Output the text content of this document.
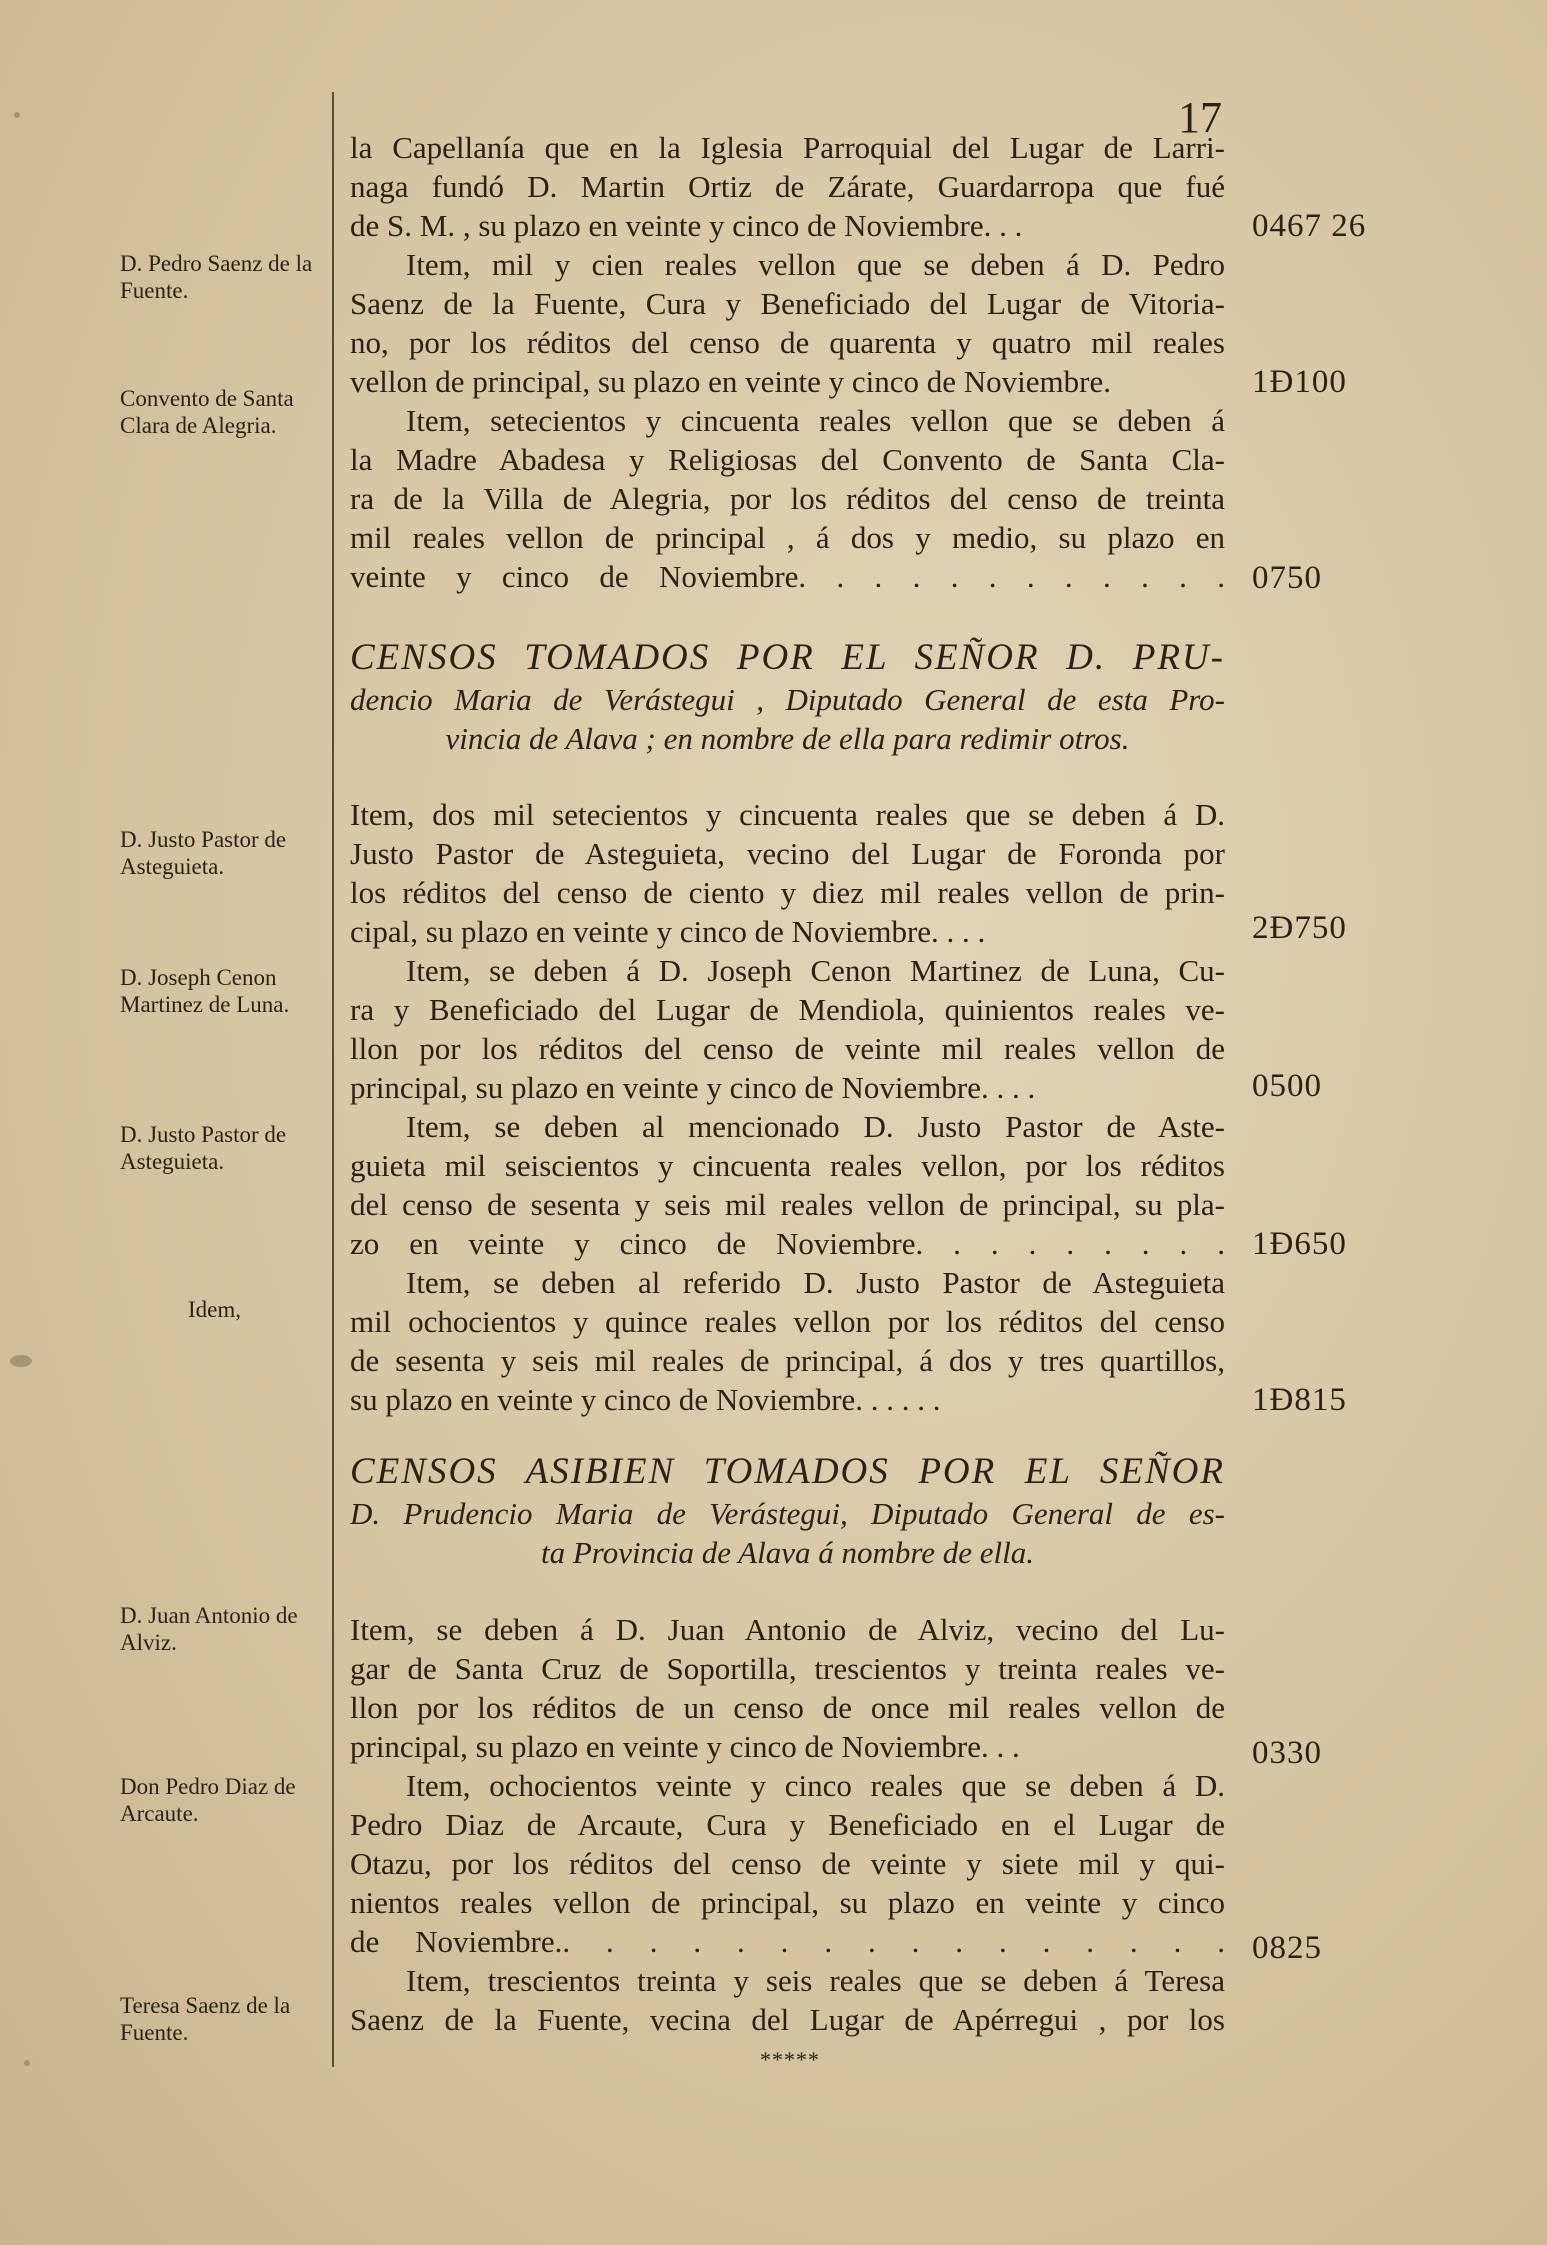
17
la Capellanía que en la Iglesia Parroquial del Lugar de Larri-
naga fundó D. Martin Ortiz de Zárate, Guardarropa que fué
de S. M. , su plazo en veinte y cinco de Noviembre. . .
Item, mil y cien reales vellon que se deben á D. Pedro
Saenz de la Fuente, Cura y Beneficiado del Lugar de Vitoria-
no, por los réditos del censo de quarenta y quatro mil reales
vellon de principal, su plazo en veinte y cinco de Noviembre.
Item, setecientos y cincuenta reales vellon que se deben á
la Madre Abadesa y Religiosas del Convento de Santa Cla-
ra de la Villa de Alegria, por los réditos del censo de treinta
mil reales vellon de principal , á dos y medio, su plazo en
veinte y cinco de Noviembre. . . . . . . . . . . .
CENSOS TOMADOS POR EL SEÑOR D. PRU-
dencio Maria de Verástegui , Diputado General de esta Pro-
vincia de Alava ; en nombre de ella para redimir otros.
Item, dos mil setecientos y cincuenta reales que se deben á D.
Justo Pastor de Asteguieta, vecino del Lugar de Foronda por
los réditos del censo de ciento y diez mil reales vellon de prin-
cipal, su plazo en veinte y cinco de Noviembre. . . .
Item, se deben á D. Joseph Cenon Martinez de Luna, Cu-
ra y Beneficiado del Lugar de Mendiola, quinientos reales ve-
llon por los réditos del censo de veinte mil reales vellon de
principal, su plazo en veinte y cinco de Noviembre. . . .
Item, se deben al mencionado D. Justo Pastor de Aste-
guieta mil seiscientos y cincuenta reales vellon, por los réditos
del censo de sesenta y seis mil reales vellon de principal, su pla-
zo en veinte y cinco de Noviembre. . . . . . . . .
Item, se deben al referido D. Justo Pastor de Asteguieta
mil ochocientos y quince reales vellon por los réditos del censo
de sesenta y seis mil reales de principal, á dos y tres quartillos,
su plazo en veinte y cinco de Noviembre. . . . . .
CENSOS ASIBIEN TOMADOS POR EL SEÑOR
D. Prudencio Maria de Verástegui, Diputado General de es-
ta Provincia de Alava á nombre de ella.
Item, se deben á D. Juan Antonio de Alviz, vecino del Lu-
gar de Santa Cruz de Soportilla, trescientos y treinta reales ve-
llon por los réditos de un censo de once mil reales vellon de
principal, su plazo en veinte y cinco de Noviembre. . .
Item, ochocientos veinte y cinco reales que se deben á D.
Pedro Diaz de Arcaute, Cura y Beneficiado en el Lugar de
Otazu, por los réditos del censo de veinte y siete mil y qui-
nientos reales vellon de principal, su plazo en veinte y cinco
de Noviembre.. . . . . . . . . . . . . . . .
Item, trescientos treinta y seis reales que se deben á Teresa
Saenz de la Fuente, vecina del Lugar de Apérregui , por los
D. Pedro Saenz de la Fuente.
Convento de Santa Clara de Alegria.
D. Justo Pastor de Asteguieta.
D. Joseph Cenon Martinez de Luna.
D. Justo Pastor de Asteguieta.
Idem,
D. Juan Antonio de Alviz.
Don Pedro Diaz de Arcaute.
Teresa Saenz de la Fuente.
0467 26
1Ð100
0750
2Ð750
0500
1Ð650
1Ð815
0330
0825
*****
